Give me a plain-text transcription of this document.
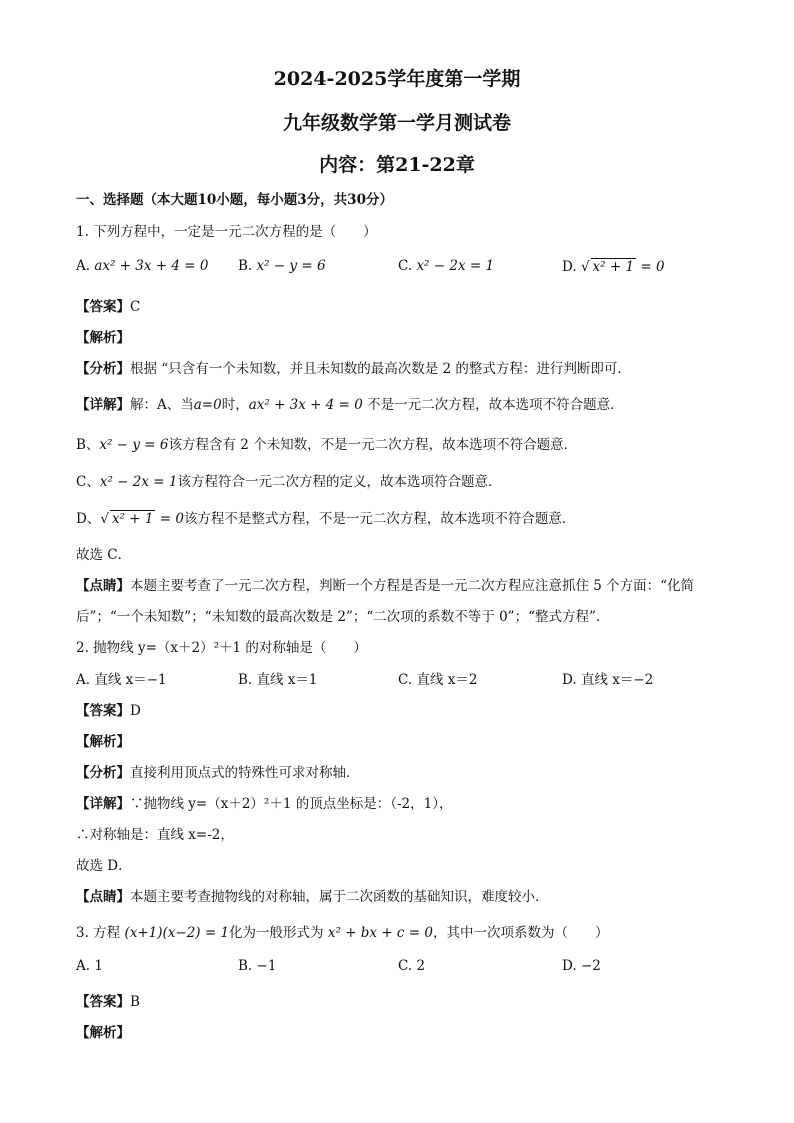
2024-2025学年度第一学期
九年级数学第一学月测试卷
内容：第21-22章
一、选择题（本大题10小题，每小题3分，共30分）
1. 下列方程中，一定是一元二次方程的是（　　）
A. ax² + 3x + 4 = 0 B. x² − y = 6	C. x² − 2x = 1	D. √ x² + 1 = 0
【答案】C
【解析】
【分析】根据 “只含有一个未知数，并且未知数的最高次数是 2 的整式方程：进行判断即可．
【详解】解：A、当a=0时，ax² + 3x + 4 = 0 不是一元二次方程，故本选项不符合题意．
B、x² − y = 6该方程含有 2 个未知数，不是一元二次方程，故本选项不符合题意．
C、x² − 2x = 1该方程符合一元二次方程的定义，故本选项符合题意．
D、√ x² + 1 = 0该方程不是整式方程，不是一元二次方程，故本选项不符合题意．
故选 C．
【点睛】本题主要考查了一元二次方程，判断一个方程是否是一元二次方程应注意抓住 5 个方面：“化简
后”；“一个未知数”；“未知数的最高次数是 2”；“二次项的系数不等于 0”；“整式方程”．
2. 抛物线 y=（x＋2）²＋1 的对称轴是（　　）
A. 直线 x＝−1	B. 直线 x＝1	C. 直线 x＝2	D. 直线 x＝−2
【答案】D
【解析】
【分析】直接利用顶点式的特殊性可求对称轴．
【详解】∵抛物线 y=（x＋2）²＋1 的顶点坐标是：（-2，1），
∴对称轴是：直线 x=-2，
故选 D．
【点睛】本题主要考查抛物线的对称轴，属于二次函数的基础知识，难度较小．
3. 方程 (x+1)(x−2) = 1化为一般形式为 x² + bx + c = 0，其中一次项系数为（　　）
A. 1	B. −1	C. 2	D. −2
【答案】B
【解析】
